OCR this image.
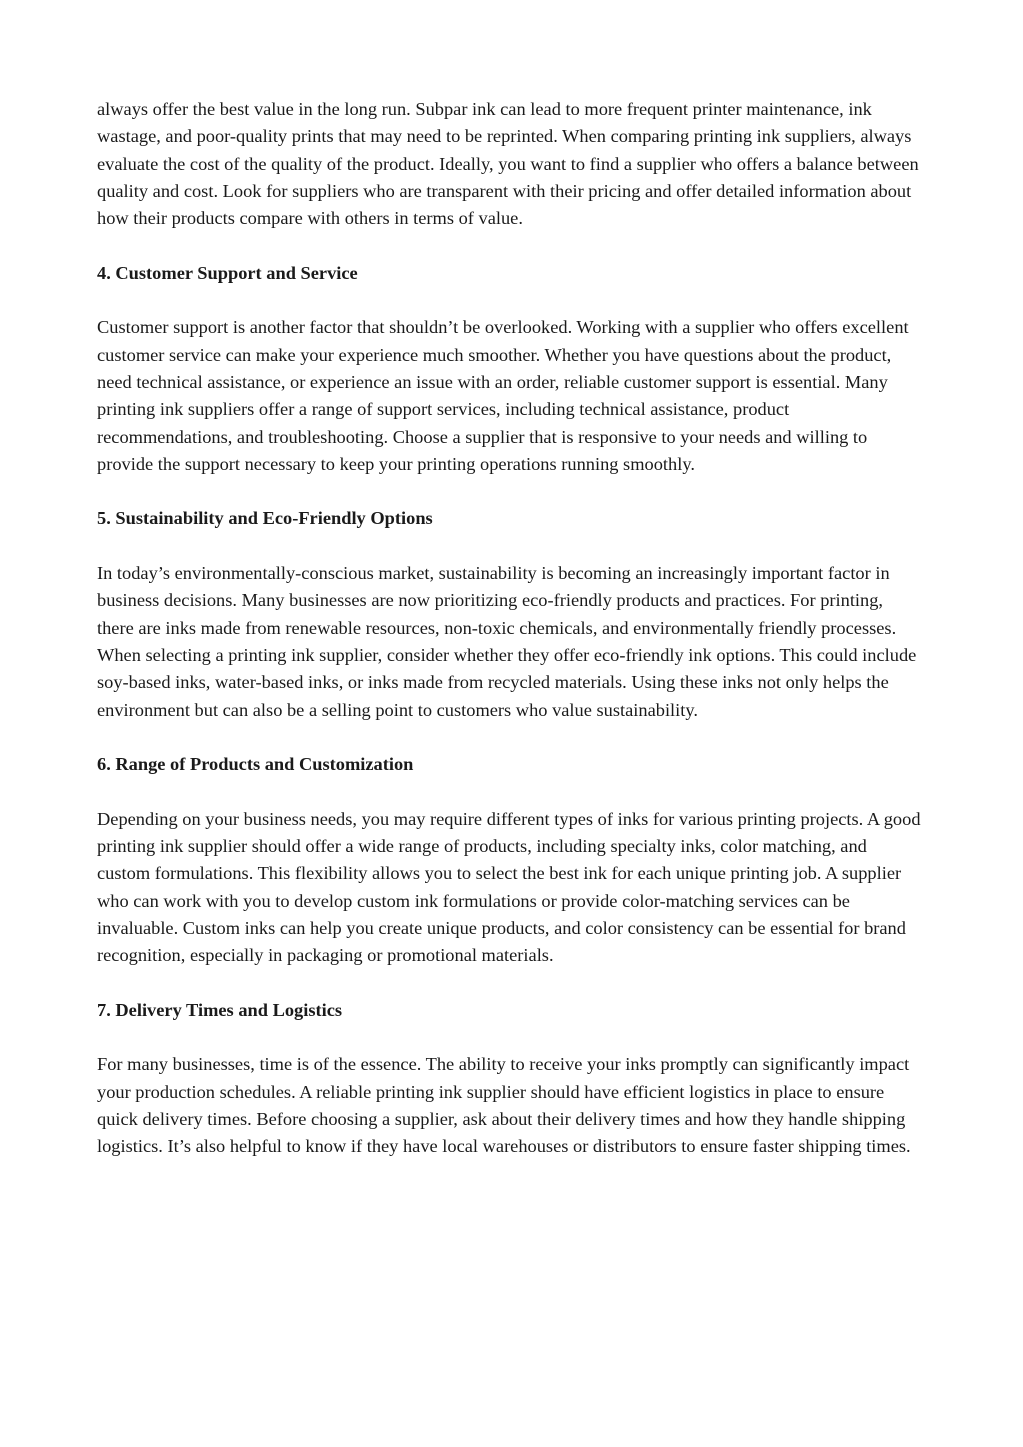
always offer the best value in the long run. Subpar ink can lead to more frequent printer maintenance, ink wastage, and poor-quality prints that may need to be reprinted. When comparing printing ink suppliers, always evaluate the cost of the quality of the product. Ideally, you want to find a supplier who offers a balance between quality and cost. Look for suppliers who are transparent with their pricing and offer detailed information about how their products compare with others in terms of value.

4. Customer Support and Service

Customer support is another factor that shouldn’t be overlooked. Working with a supplier who offers excellent customer service can make your experience much smoother. Whether you have questions about the product, need technical assistance, or experience an issue with an order, reliable customer support is essential. Many printing ink suppliers offer a range of support services, including technical assistance, product recommendations, and troubleshooting. Choose a supplier that is responsive to your needs and willing to provide the support necessary to keep your printing operations running smoothly.

5. Sustainability and Eco-Friendly Options

In today’s environmentally-conscious market, sustainability is becoming an increasingly important factor in business decisions. Many businesses are now prioritizing eco-friendly products and practices. For printing, there are inks made from renewable resources, non-toxic chemicals, and environmentally friendly processes. When selecting a printing ink supplier, consider whether they offer eco-friendly ink options. This could include soy-based inks, water-based inks, or inks made from recycled materials. Using these inks not only helps the environment but can also be a selling point to customers who value sustainability.

6. Range of Products and Customization

Depending on your business needs, you may require different types of inks for various printing projects. A good printing ink supplier should offer a wide range of products, including specialty inks, color matching, and custom formulations. This flexibility allows you to select the best ink for each unique printing job. A supplier who can work with you to develop custom ink formulations or provide color-matching services can be invaluable. Custom inks can help you create unique products, and color consistency can be essential for brand recognition, especially in packaging or promotional materials.

7. Delivery Times and Logistics

For many businesses, time is of the essence. The ability to receive your inks promptly can significantly impact your production schedules. A reliable printing ink supplier should have efficient logistics in place to ensure quick delivery times. Before choosing a supplier, ask about their delivery times and how they handle shipping logistics. It’s also helpful to know if they have local warehouses or distributors to ensure faster shipping times.
